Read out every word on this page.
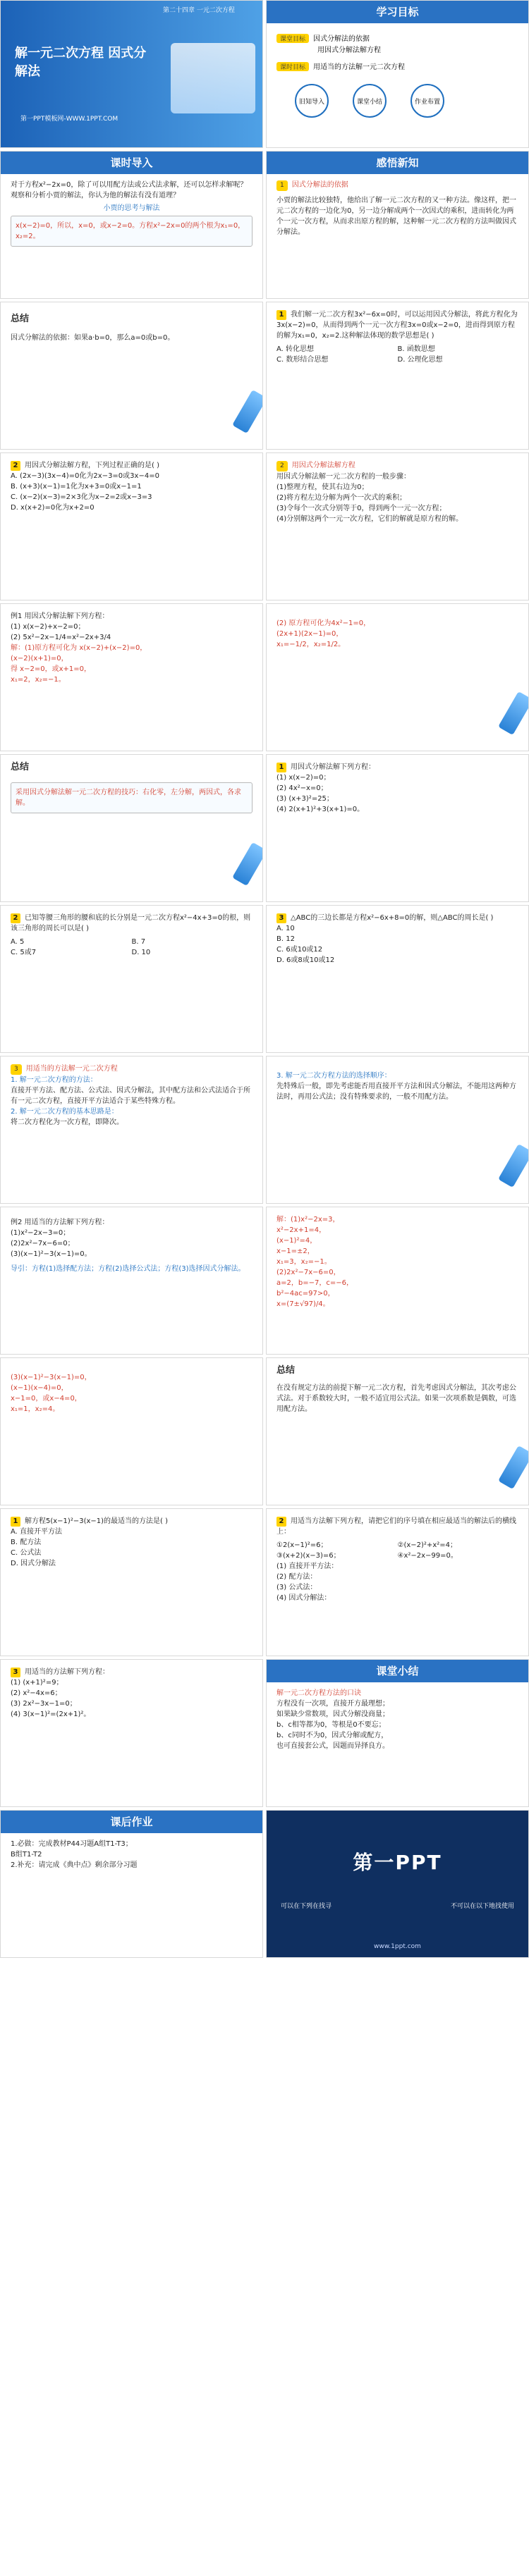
第二十四章 一元二次方程
解一元二次方程 因式分解法
第一PPT模板网-WWW.1PPT.COM
学习目标
课堂目标 因式分解法的依据
用因式分解法解方程
课时目标 用适当的方法解一元二次方程
旧知导入	课堂小结	作业布置
课时导入
对于方程x²−2x=0，除了可以用配方法或公式法求解，还可以怎样求解呢？观察和分析小贾的解法，你认为他的解法有没有道理？
小贾的思考与解法
x(x−2)=0，所以，x=0，或x−2=0。方程x²−2x=0的两个根为x₁=0，x₂=2。
感悟新知
1 因式分解法的依据
小贾的解法比较独特，他给出了解一元二次方程的又一种方法。像这样，把一元二次方程的一边化为0，另一边分解成两个一次因式的乘积，进而转化为两个一元一次方程，从而求出原方程的解，这种解一元二次方程的方法叫做因式分解法。
总结
因式分解法的依据：如果a·b=0，那么a=0或b=0。
1 我们解一元二次方程3x²−6x=0时，可以运用因式分解法，将此方程化为3x(x−2)=0，从而得到两个一元一次方程3x=0或x−2=0，进而得到原方程的解为x₁=0，x₂=2.这种解法体现的数学思想是( )
A. 转化思想	B. 函数思想
C. 数形结合思想	D. 公理化思想
2 用因式分解法解方程，下列过程正确的是( )
A. (2x−3)(3x−4)=0化为2x−3=0或3x−4=0
B. (x+3)(x−1)=1化为x+3=0或x−1=1
C. (x−2)(x−3)=2×3化为x−2=2或x−3=3
D. x(x+2)=0化为x+2=0
2 用因式分解法解方程
用因式分解法解一元二次方程的一般步骤：
(1)整理方程，使其右边为0；
(2)将方程左边分解为两个一次式的乘积；
(3)令每个一次式分别等于0，得到两个一元一次方程；
(4)分别解这两个一元一次方程，它们的解就是原方程的解。
例1 用因式分解法解下列方程：
(1) x(x−2)+x−2=0；
(2) 5x²−2x−1/4=x²−2x+3/4
解：(1)原方程可化为 x(x−2)+(x−2)=0，
(x−2)(x+1)=0，
得 x−2=0，或x+1=0，
x₁=2，x₂=−1。
(2) 原方程可化为4x²−1=0，
(2x+1)(2x−1)=0，
x₁=−1/2，x₂=1/2。
总结
采用因式分解法解一元二次方程的技巧：右化零，左分解，两因式，各求解。
1 用因式分解法解下列方程：
(1) x(x−2)=0；
(2) 4x²−x=0；
(3) (x+3)²=25；
(4) 2(x+1)²+3(x+1)=0。
2 已知等腰三角形的腰和底的长分别是一元二次方程x²−4x+3=0的根，则该三角形的周长可以是( )
A. 5	B. 7
C. 5或7	D. 10
3 △ABC的三边长都是方程x²−6x+8=0的解，则△ABC的周长是( )
A. 10
B. 12
C. 6或10或12
D. 6或8或10或12
3 用适当的方法解一元二次方程
1. 解一元二次方程的方法：
直接开平方法、配方法、公式法、因式分解法，其中配方法和公式法适合于所有一元二次方程，直接开平方法适合于某些特殊方程。
2. 解一元二次方程的基本思路是：
将二次方程化为一次方程，即降次。
3. 解一元二次方程方法的选择顺序：
先特殊后一般，即先考虑能否用直接开平方法和因式分解法，不能用这两种方法时，再用公式法；没有特殊要求的，一般不用配方法。
例2 用适当的方法解下列方程：
(1)x²−2x−3=0；
(2)2x²−7x−6=0；
(3)(x−1)²−3(x−1)=0。
导引：方程(1)选择配方法；方程(2)选择公式法；方程(3)选择因式分解法。
解：(1)x²−2x=3，
x²−2x+1=4，
(x−1)²=4，
x−1=±2，
x₁=3，x₂=−1。
(2)2x²−7x−6=0，
a=2，b=−7，c=−6，
b²−4ac=97>0，
x=(7±√97)/4。
(3)(x−1)²−3(x−1)=0，
(x−1)(x−4)=0，
x−1=0，或x−4=0，
x₁=1，x₂=4。
总结
在没有规定方法的前提下解一元二次方程，首先考虑因式分解法，其次考虑公式法。对于系数较大时，一般不适宜用公式法。如果一次项系数是偶数，可选用配方法。
1 解方程5(x−1)²−3(x−1)的最适当的方法是( )
A. 直接开平方法
B. 配方法
C. 公式法
D. 因式分解法
2 用适当方法解下列方程，请把它们的序号填在相应最适当的解法后的横线上：
①2(x−1)²=6；	②(x−2)²+x²=4；
③(x+2)(x−3)=6；	④x²−2x−99=0。
(1) 直接开平方法：
(2) 配方法：
(3) 公式法：
(4) 因式分解法：
3 用适当的方法解下列方程：
(1) (x+1)²=9；
(2) x²−4x=6；
(3) 2x²−3x−1=0；
(4) 3(x−1)²=(2x+1)²。
课堂小结
解一元二次方程方法的口诀
方程没有一次项，直接开方最理想；
如果缺少常数项，因式分解没商量；
b、c相等都为0，等根是0不要忘；
b、c同时不为0，因式分解或配方，
也可直接套公式，因题而异择良方。
课后作业
1.必做：完成教材P44习题A组T1-T3；
B组T1-T2
2.补充：请完成《典中点》剩余部分习题	第一PPT
可以在下列在找寻	不可以在以下地找使用
www.1ppt.com
